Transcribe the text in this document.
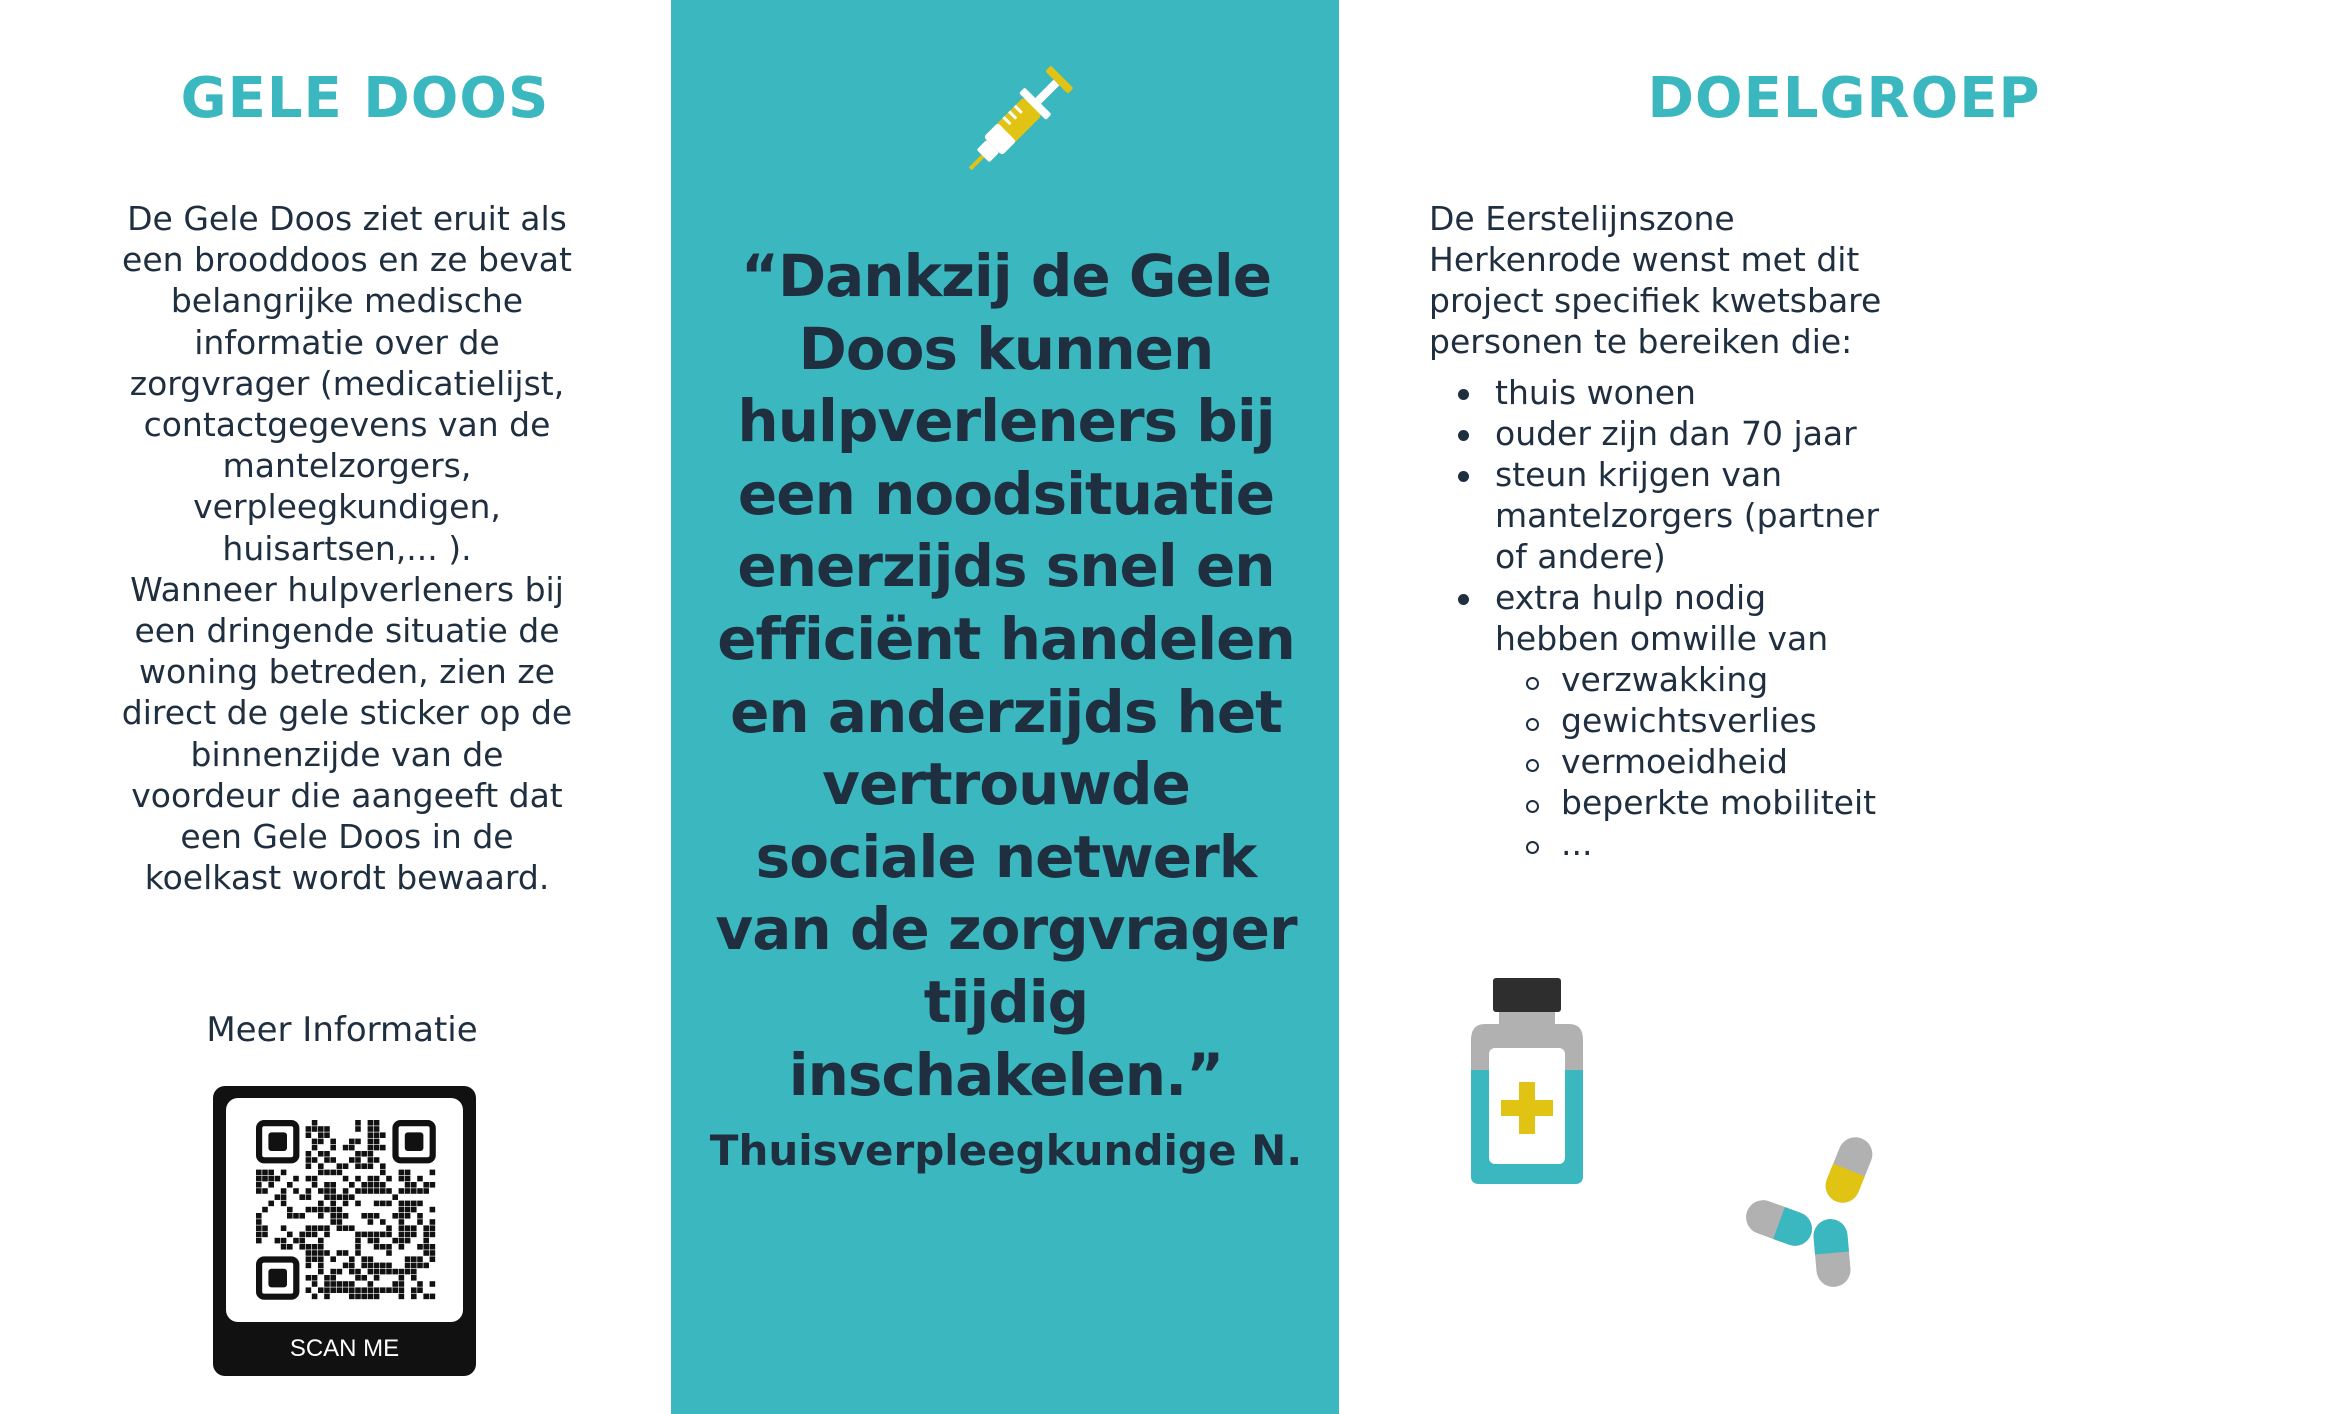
GELE DOOS

De Gele Doos ziet eruit als
een brooddoos en ze bevat
belangrijke medische
informatie over de
zorgvrager (medicatielijst,
contactgegevens van de
mantelzorgers,
verpleegkundigen,
huisartsen,... ).
Wanneer hulpverleners bij
een dringende situatie de
woning betreden, zien ze
direct de gele sticker op de
binnenzijde van de
voordeur die aangeeft dat
een Gele Doos in de
koelkast wordt bewaard.

Meer Informatie

SCAN ME

“Dankzij de Gele
Doos kunnen
hulpverleners bij
een noodsituatie
enerzijds snel en
efficiënt handelen
en anderzijds het
vertrouwde
sociale netwerk
van de zorgvrager
tijdig
inschakelen.”

Thuisverpleegkundige N.

DOELGROEP

De Eerstelijnszone
Herkenrode wenst met dit
project specifiek kwetsbare
personen te bereiken die:

thuis wonen
ouder zijn dan 70 jaar
steun krijgen van
mantelzorgers (partner
of andere)
extra hulp nodig
hebben omwille van
verzwakking
gewichtsverlies
vermoeidheid
beperkte mobiliteit
...
